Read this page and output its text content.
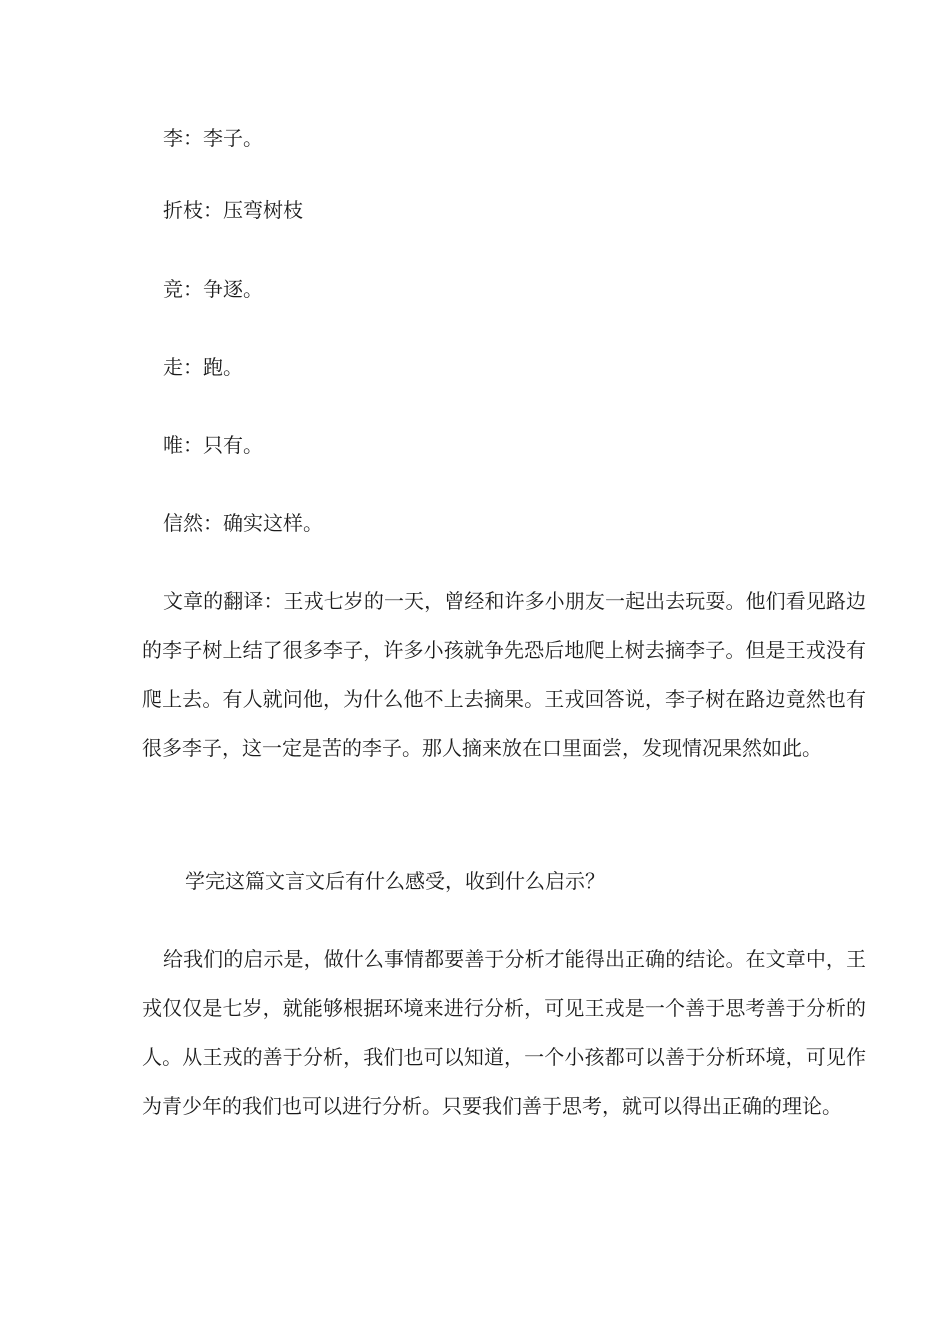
李：李子。

折枝：压弯树枝

竞：争逐。

走：跑。

唯：只有。

信然：确实这样。

文章的翻译：王戎七岁的一天，曾经和许多小朋友一起出去玩耍。他们看见路边的李子树上结了很多李子，许多小孩就争先恐后地爬上树去摘李子。但是王戎没有爬上去。有人就问他，为什么他不上去摘果。王戎回答说，李子树在路边竟然也有很多李子，这一定是苦的李子。那人摘来放在口里面尝，发现情况果然如此。

学完这篇文言文后有什么感受，收到什么启示？

给我们的启示是，做什么事情都要善于分析才能得出正确的结论。在文章中，王戎仅仅是七岁，就能够根据环境来进行分析，可见王戎是一个善于思考善于分析的人。从王戎的善于分析，我们也可以知道，一个小孩都可以善于分析环境，可见作为青少年的我们也可以进行分析。只要我们善于思考，就可以得出正确的理论。
